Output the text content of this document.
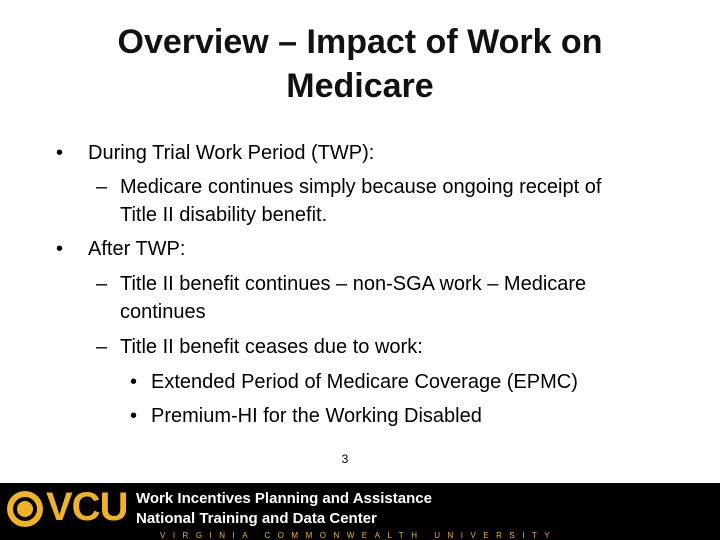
Overview – Impact of Work on
Medicare
• During Trial Work Period (TWP):
– Medicare continues simply because ongoing receipt of
Title II disability benefit.
• After TWP:
– Title II benefit continues – non-SGA work – Medicare
continues
– Title II benefit ceases due to work:
• Extended Period of Medicare Coverage (EPMC)
• Premium-HI for the Working Disabled
3
VCU Work Incentives Planning and Assistance
National Training and Data Center
VIRGINIA COMMONWEALTH UNIVERSITY
